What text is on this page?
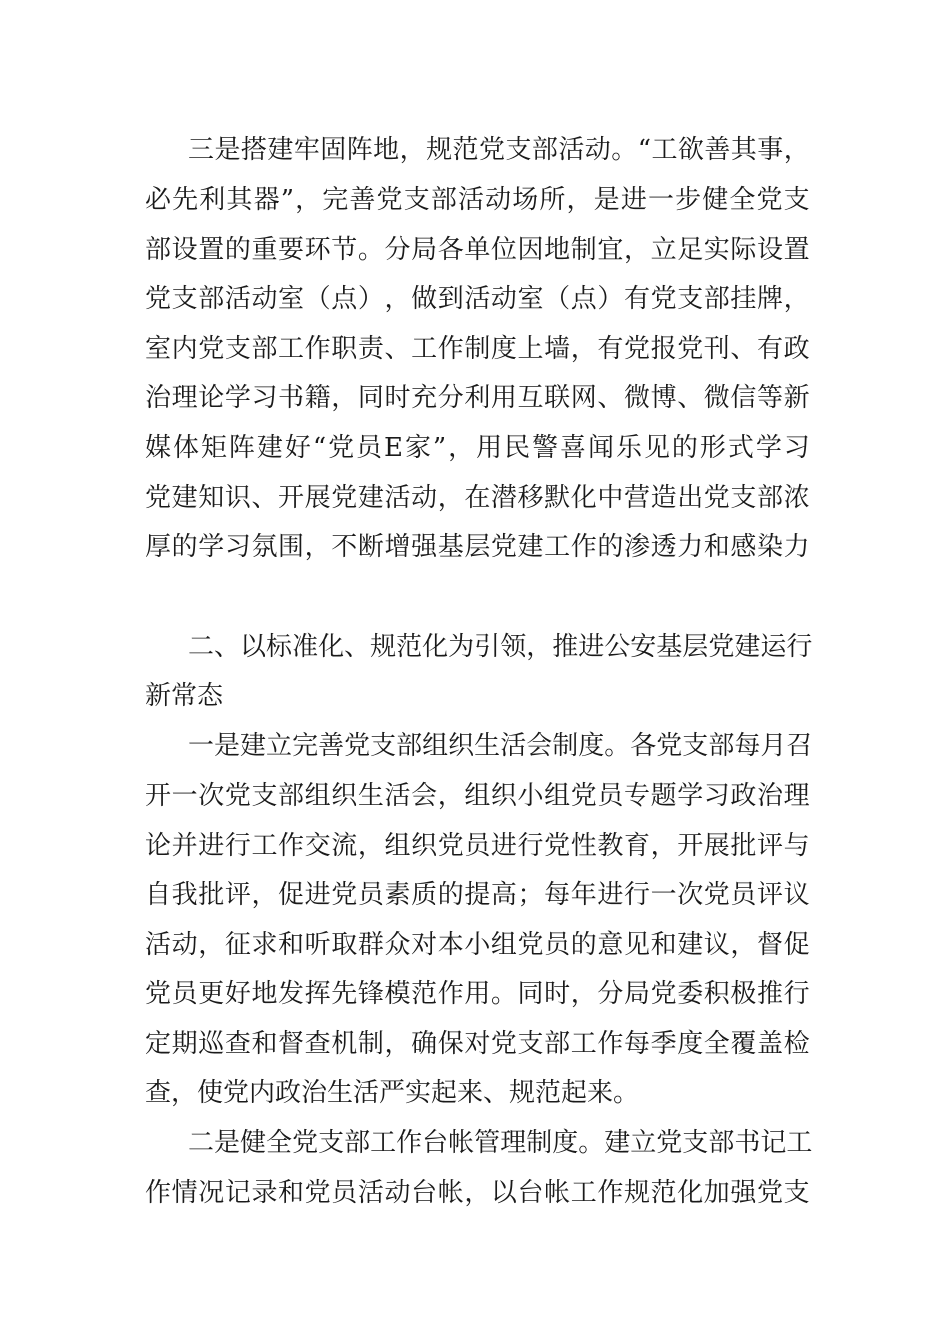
三 是 搭 建 牢 固 阵 地 ， 规 范 党 支 部 活 动 。 “ 工 欲 善 其 事 ，
必 先 利 其 器 ” ， 完 善 党 支 部 活 动 场 所 ， 是 进 一 步 健 全 党 支
部 设 置 的 重 要 环 节 。 分 局 各 单 位 因 地 制 宜 ， 立 足 实 际 设 置
党 支 部 活 动 室 （ 点 ） ， 做 到 活 动 室 （ 点 ） 有 党 支 部 挂 牌 ，
室 内 党 支 部 工 作 职 责 、 工 作 制 度 上 墙 ， 有 党 报 党 刊 、 有 政
治 理 论 学 习 书 籍 ， 同 时 充 分 利 用 互 联 网 、 微 博 、 微 信 等 新
媒 体 矩 阵 建 好 “ 党 员 E 家 ” ， 用 民 警 喜 闻 乐 见 的 形 式 学 习
党 建 知 识 、 开 展 党 建 活 动 ， 在 潜 移 默 化 中 营 造 出 党 支 部 浓
厚 的 学 习 氛 围 ， 不 断 增 强 基 层 党 建 工 作 的 渗 透 力 和 感 染 力
二 、 以 标 准 化 、 规 范 化 为 引 领 ， 推 进 公 安 基 层 党 建 运 行
新常态
一 是 建 立 完 善 党 支 部 组 织 生 活 会 制 度 。 各 党 支 部 每 月 召
开 一 次 党 支 部 组 织 生 活 会 ， 组 织 小 组 党 员 专 题 学 习 政 治 理
论 并 进 行 工 作 交 流 ， 组 织 党 员 进 行 党 性 教 育 ， 开 展 批 评 与
自 我 批 评 ， 促 进 党 员 素 质 的 提 高 ； 每 年 进 行 一 次 党 员 评 议
活 动 ， 征 求 和 听 取 群 众 对 本 小 组 党 员 的 意 见 和 建 议 ， 督 促
党 员 更 好 地 发 挥 先 锋 模 范 作 用 。 同 时 ， 分 局 党 委 积 极 推 行
定 期 巡 查 和 督 查 机 制 ， 确 保 对 党 支 部 工 作 每 季 度 全 覆 盖 检
查，使党内政治生活严实起来、规范起来。
二 是 健 全 党 支 部 工 作 台 帐 管 理 制 度 。 建 立 党 支 部 书 记 工
作 情 况 记 录 和 党 员 活 动 台 帐 ， 以 台 帐 工 作 规 范 化 加 强 党 支
